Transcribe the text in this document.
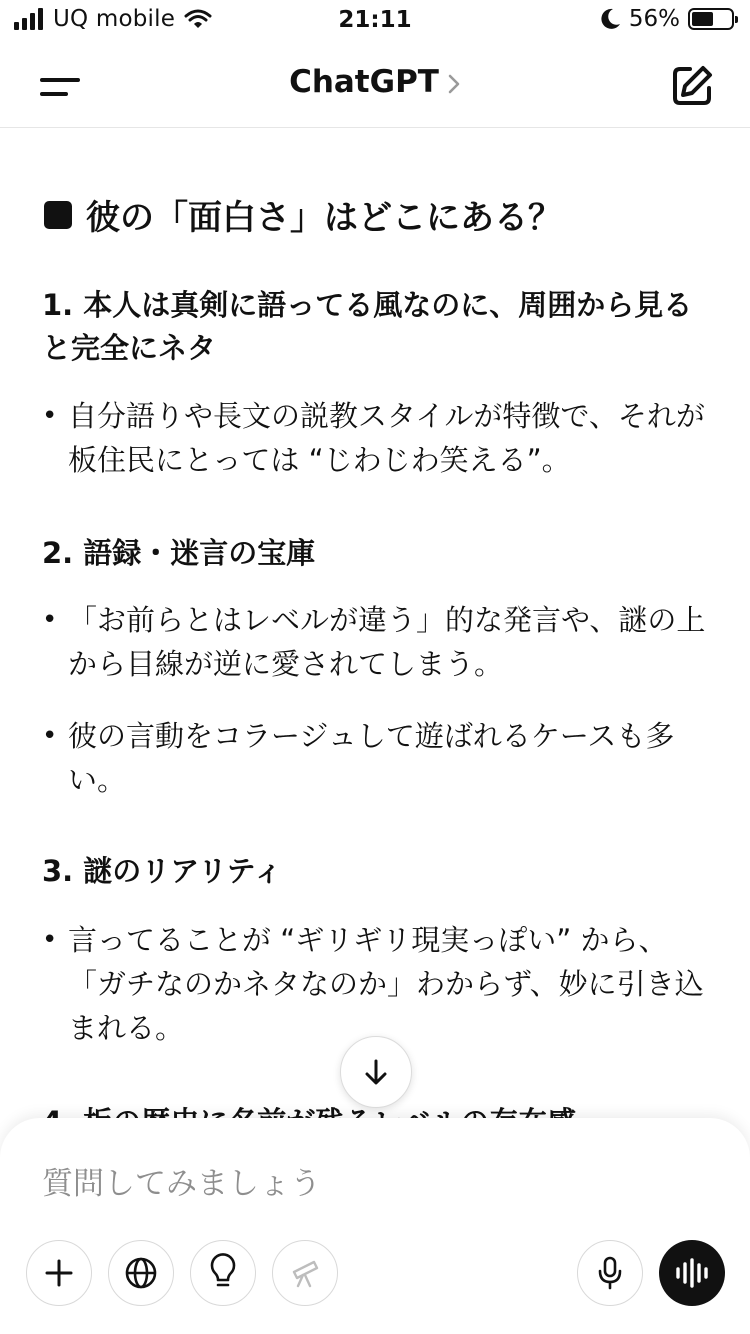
UQ mobile	21:11	56%
ChatGPT
彼の「面白さ」はどこにある？
1. 本人は真剣に語ってる風なのに、周囲から見ると完全にネタ
• 自分語りや長文の説教スタイルが特徴で、それが板住民にとっては “じわじわ笑える”。
2. 語録・迷言の宝庫
• 「お前らとはレベルが違う」的な発言や、謎の上から目線が逆に愛されてしまう。
• 彼の言動をコラージュして遊ばれるケースも多い。
3. 謎のリアリティ
• 言ってることが “ギリギリ現実っぽい” から、「ガチなのかネタなのか」わからず、妙に引き込まれる。
質問してみましょう
